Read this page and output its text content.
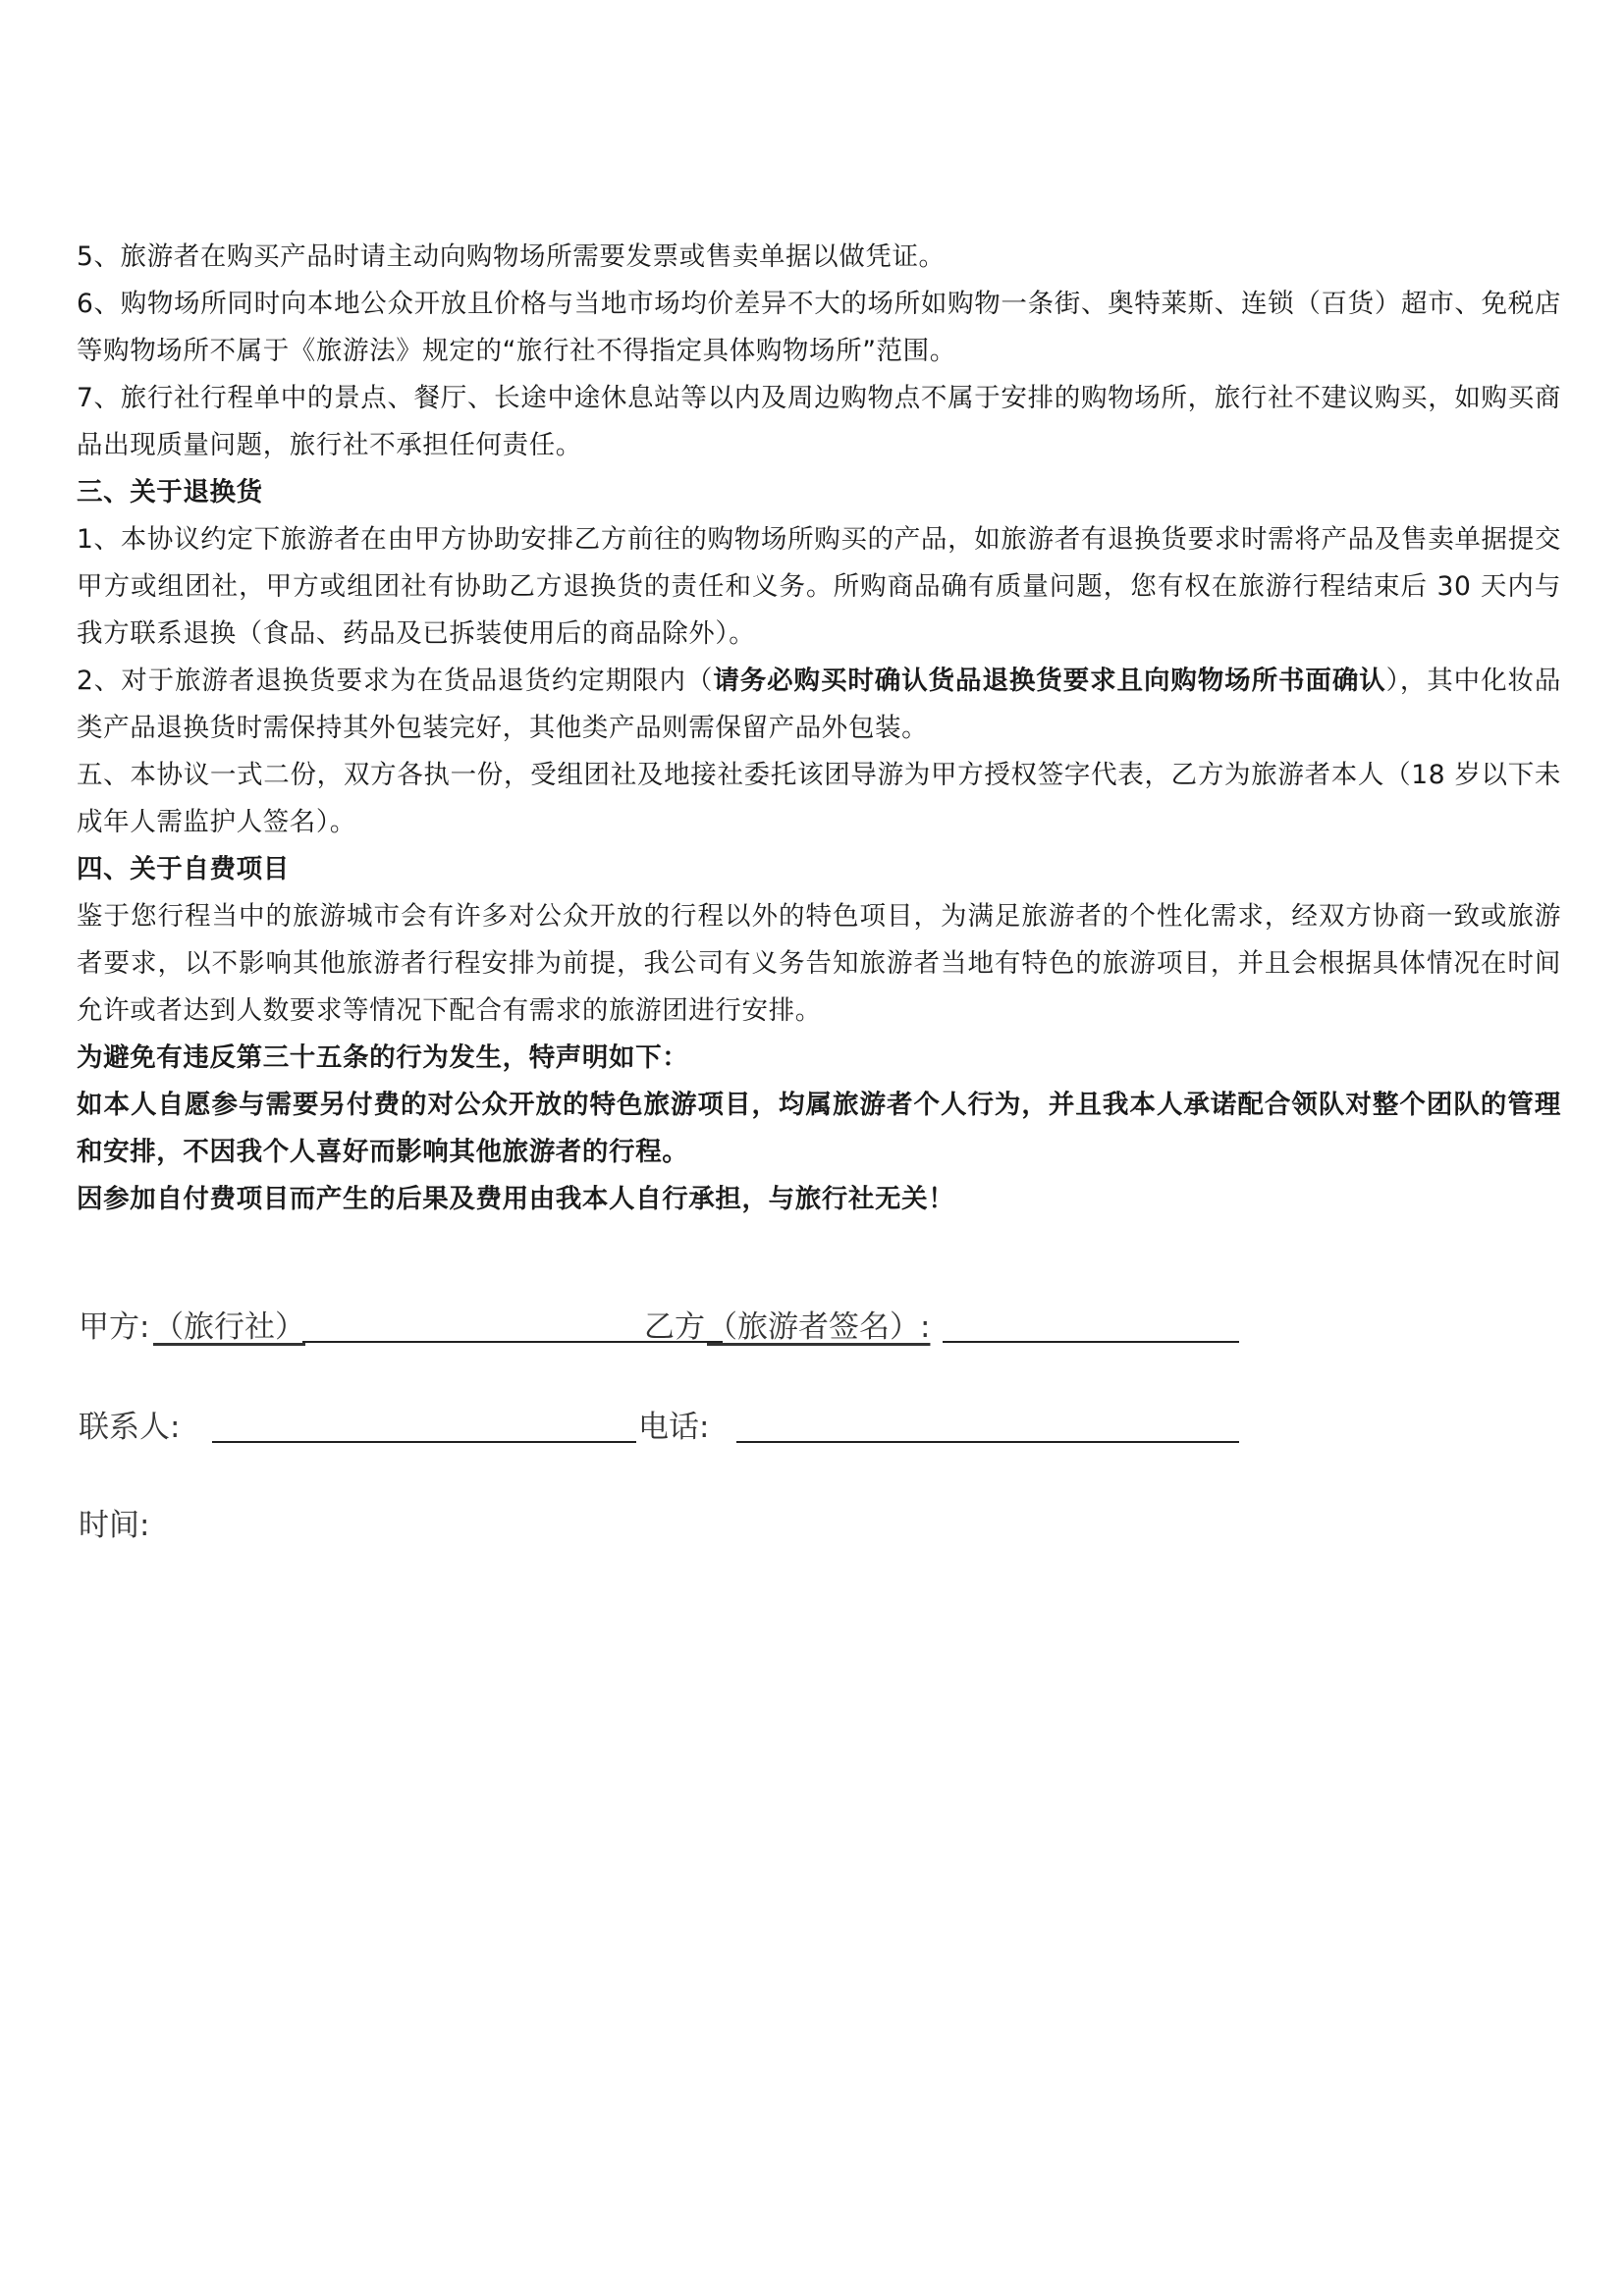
5、旅游者在购买产品时请主动向购物场所需要发票或售卖单据以做凭证。

6、购物场所同时向本地公众开放且价格与当地市场均价差异不大的场所如购物一条街、奥特莱斯、连锁（百货）超市、免税店等购物场所不属于《旅游法》规定的“旅行社不得指定具体购物场所”范围。

7、旅行社行程单中的景点、餐厅、长途中途休息站等以内及周边购物点不属于安排的购物场所，旅行社不建议购买，如购买商品出现质量问题，旅行社不承担任何责任。

三、关于退换货

1、本协议约定下旅游者在由甲方协助安排乙方前往的购物场所购买的产品，如旅游者有退换货要求时需将产品及售卖单据提交甲方或组团社，甲方或组团社有协助乙方退换货的责任和义务。所购商品确有质量问题，您有权在旅游行程结束后 30 天内与我方联系退换（食品、药品及已拆装使用后的商品除外）。

2、对于旅游者退换货要求为在货品退货约定期限内（请务必购买时确认货品退换货要求且向购物场所书面确认），其中化妆品类产品退换货时需保持其外包装完好，其他类产品则需保留产品外包装。

五、本协议一式二份，双方各执一份，受组团社及地接社委托该团导游为甲方授权签字代表，乙方为旅游者本人（18 岁以下未成年人需监护人签名）。

四、关于自费项目

鉴于您行程当中的旅游城市会有许多对公众开放的行程以外的特色项目，为满足旅游者的个性化需求，经双方协商一致或旅游者要求，以不影响其他旅游者行程安排为前提，我公司有义务告知旅游者当地有特色的旅游项目，并且会根据具体情况在时间允许或者达到人数要求等情况下配合有需求的旅游团进行安排。

为避免有违反第三十五条的行为发生，特声明如下：

如本人自愿参与需要另付费的对公众开放的特色旅游项目，均属旅游者个人行为，并且我本人承诺配合领队对整个团队的管理和安排，不因我个人喜好而影响其他旅游者的行程。

因参加自付费项目而产生的后果及费用由我本人自行承担，与旅行社无关！

甲方: （旅行社）	乙方 （旅游者签名）:
联系人:	电话:
时间:
